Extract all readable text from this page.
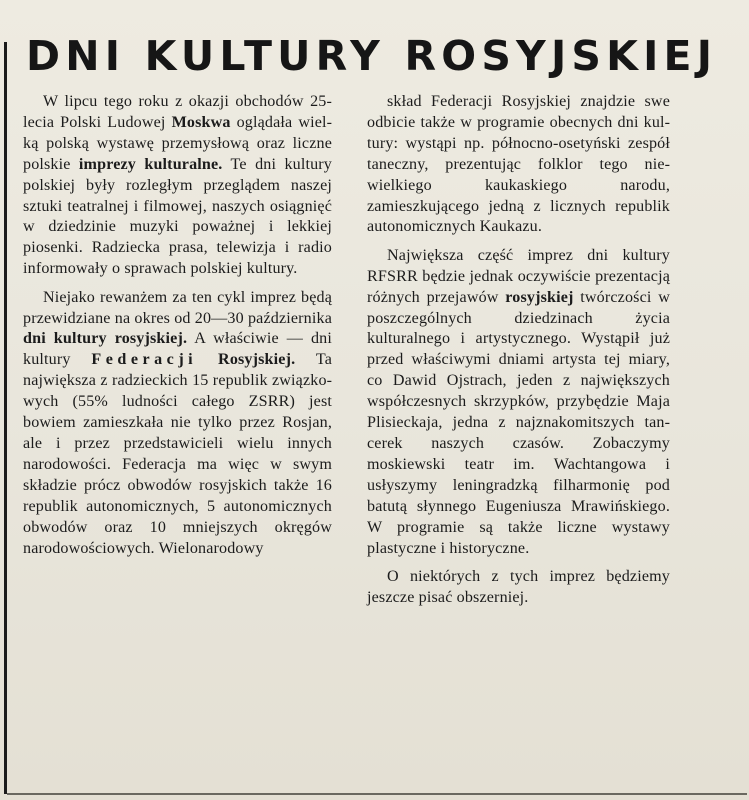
DNI KULTURY ROSYJSKIEJ

W lipcu tego roku z okazji obchodów 25-lecia Polski Ludowej Moskwa oglądała wielką polską wystawę przemysłową oraz liczne polskie imprezy kulturalne. Te dni kultury polskiej były rozległym przeglądem naszej sztuki teatralnej i filmowej, naszych osiągnięć w dziedzinie muzyki poważnej i lekkiej piosenki. Radziecka prasa, telewizja i radio informowały o sprawach polskiej kultury.

Niejako rewanżem za ten cykl imprez będą przewidziane na okres od 20—30 października dni kultury rosyjskiej. A właściwie — dni kultury Federacji Rosyjskiej. Ta największa z radzieckich 15 republik związkowych (55% ludności całego ZSRR) jest bowiem zamieszkała nie tylko przez Rosjan, ale i przez przedstawicieli wielu innych narodowości. Federacja ma więc w swym składzie prócz obwodów rosyjskich także 16 republik autonomicznych, 5 autonomicznych obwodów oraz 10 mniejszych okręgów narodowościowych. Wielonarodowy

skład Federacji Rosyjskiej znajdzie swe odbicie także w programie obecnych dni kultury: wystąpi np. północno-osetyński zespół taneczny, prezentując folklor tego niewielkiego kaukaskiego narodu, zamieszkującego jedną z licznych republik autonomicznych Kaukazu.

Największa część imprez dni kultury RFSRR będzie jednak oczywiście prezentacją różnych przejawów rosyjskiej twórczości w poszczególnych dziedzinach życia kulturalnego i artystycznego. Wystąpił już przed właściwymi dniami artysta tej miary, co Dawid Ojstrach, jeden z największych współczesnych skrzypków, przybędzie Maja Plisieckaja, jedna z najznakomitszych tancerek naszych czasów. Zobaczymy moskiewski teatr im. Wachtangowa i usłyszymy leningradzką filharmonię pod batutą słynnego Eugeniusza Mrawińskiego. W programie są także liczne wystawy plastyczne i historyczne.

O niektórych z tych imprez będziemy jeszcze pisać obszerniej.
